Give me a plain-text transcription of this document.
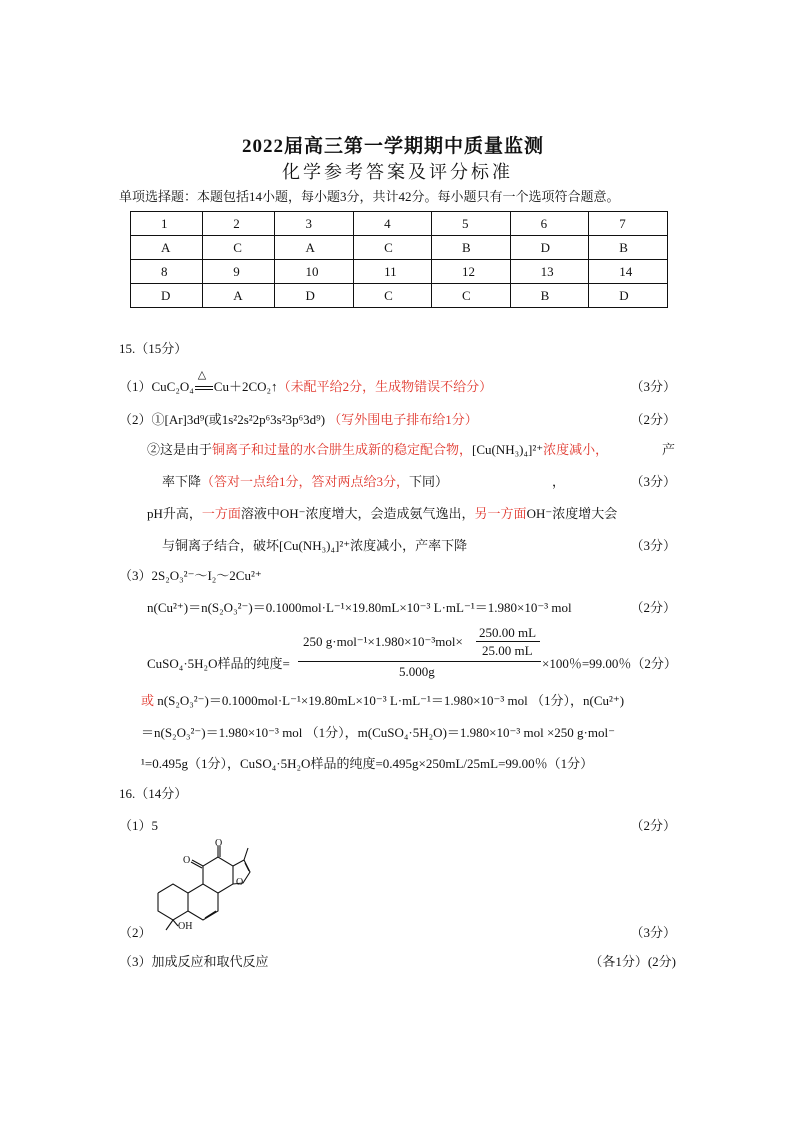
2022届高三第一学期期中质量监测
化学参考答案及评分标准
单项选择题：本题包括14小题，每小题3分，共计42分。每小题只有一个选项符合题意。
1	2	3	4	5	6	7
A	C	A	C	B	D	B
8	9	10	11	12	13	14
D	A	D	C	C	B	D
15.（15分）
（1）CuC₂O₄
△
Cu＋2CO₂↑（未配平给2分，生成物错误不给分）	（3分）
（2）①[Ar]3d⁹(或1s²2s²2p⁶3s²3p⁶3d⁹) （写外围电子排布给1分）	（2分）
②这是由于铜离子和过量的水合肼生成新的稳定配合物，[Cu(NH₃)₄]²⁺浓度减小，	产
率下降（答对一点给1分，答对两点给3分，下同）	，	（3分）
pH升高，一方面溶液中OH⁻浓度增大，会造成氨气逸出，另一方面OH⁻浓度增大会
与铜离子结合，破坏[Cu(NH₃)₄]²⁺浓度减小，产率下降	（3分）
（3）2S₂O₃²⁻～I₂～2Cu²⁺
n(Cu²⁺)＝n(S₂O₃²⁻)＝0.1000mol·L⁻¹×19.80mL×10⁻³ L·mL⁻¹＝1.980×10⁻³ mol	（2分）
CuSO₄·5H₂O样品的纯度=
250 g·mol⁻¹×1.980×10⁻³mol×
250.00 mL
25.00 mL
5.000g
×100％=99.00％（2分）
或 n(S₂O₃²⁻)＝0.1000mol·L⁻¹×19.80mL×10⁻³ L·mL⁻¹＝1.980×10⁻³ mol （1分），n(Cu²⁺)
＝n(S₂O₃²⁻)＝1.980×10⁻³ mol （1分），m(CuSO₄·5H₂O)＝1.980×10⁻³ mol ×250 g·mol⁻
¹=0.495g（1分），CuSO₄·5H₂O样品的纯度=0.495g×250mL/25mL=99.00％（1分）
16.（14分）
（1）5	（2分）
O
O
O
OH
（2）	（3分）
（3）加成反应和取代反应	（各1分）(2分)
